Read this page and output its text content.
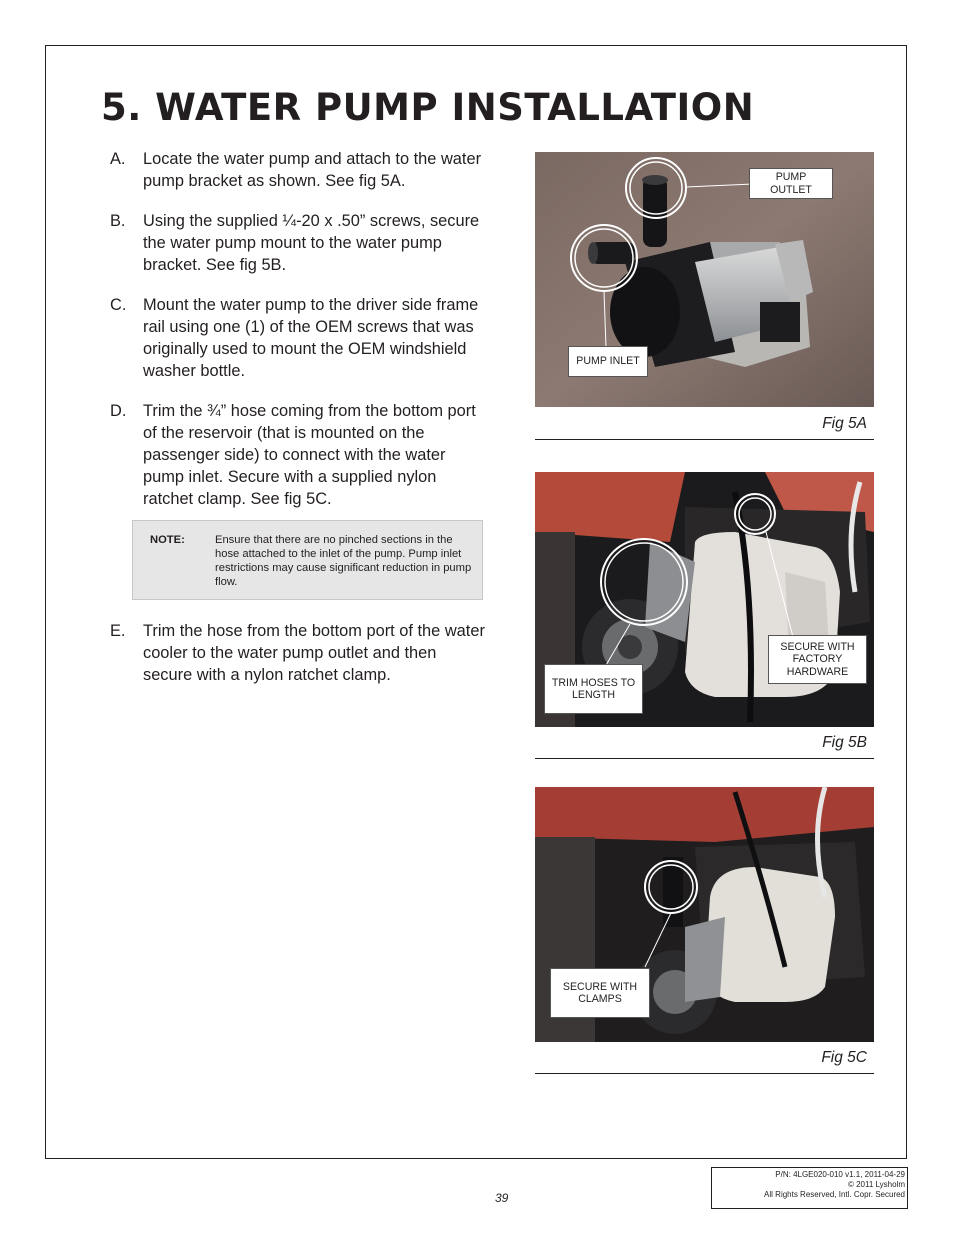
5. WATER PUMP INSTALLATION
A. Locate the water pump and attach to the water pump bracket as shown. See fig 5A.
B. Using the supplied ¼-20 x .50” screws, secure the water pump mount to the water pump bracket. See fig 5B.
C. Mount the water pump to the driver side frame rail using one (1) of the OEM screws that was originally used to mount the OEM windshield washer bottle.
D. Trim the ¾” hose coming from the bottom port of the reservoir (that is mounted on the passenger side) to connect with the water pump inlet. Secure with a supplied nylon ratchet clamp. See fig 5C.
E. Trim the hose from the bottom port of the water cooler to the water pump outlet and then secure with a nylon ratchet clamp.
NOTE:	Ensure that there are no pinched sections in the hose attached to the inlet of the pump. Pump inlet restrictions may cause significant reduction in pump flow.
PUMP OUTLET
PUMP INLET
Fig 5A
SECURE WITH FACTORY HARDWARE
TRIM HOSES TO LENGTH
Fig 5B
SECURE WITH CLAMPS
Fig 5C
39
P/N: 4LGE020-010 v1.1, 2011-04-29
© 2011 Lysholm
All Rights Reserved, Intl. Copr. Secured
